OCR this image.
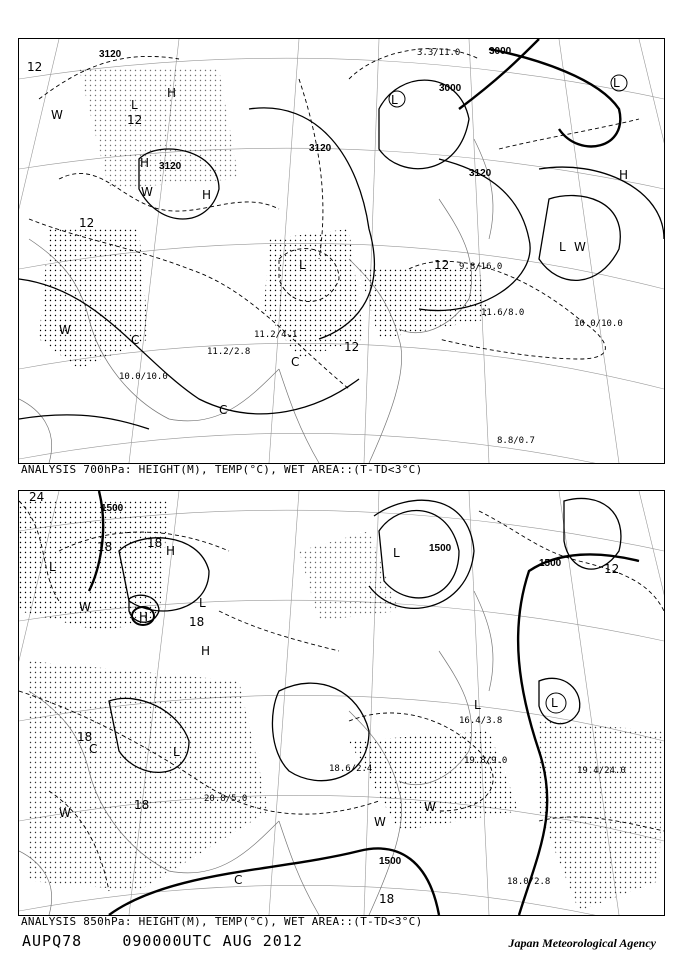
3120
3120
3120
3000
3000
3120
12
12
12
12
12
L
L
L
H
H
H
H
L
C
C
C
W
W
W
W
L
3.3/11.0
11.2/4.1
10.0/10.0
8.8/0.7
11.6/8.0
11.2/2.8
9.8/16.0
10.0/10.0
ANALYSIS 700hPa: HEIGHT(M), TEMP(°C), WET AREA::(T-TD<3°C)
1500
1500
1500
1500
24
18	18
18
18
18
18
12
L
L
L
L
L
H
H
H
C
C
W
W	W
W
L
19.4/24.0
19.8/9.0
18.0/2.8
18.6/2.4
16.4/3.8
20.8/5.0
ANALYSIS 850hPa: HEIGHT(M), TEMP(°C), WET AREA::(T-TD<3°C)
AUPQ78	090000UTC AUG 2012	Japan Meteorological Agency
